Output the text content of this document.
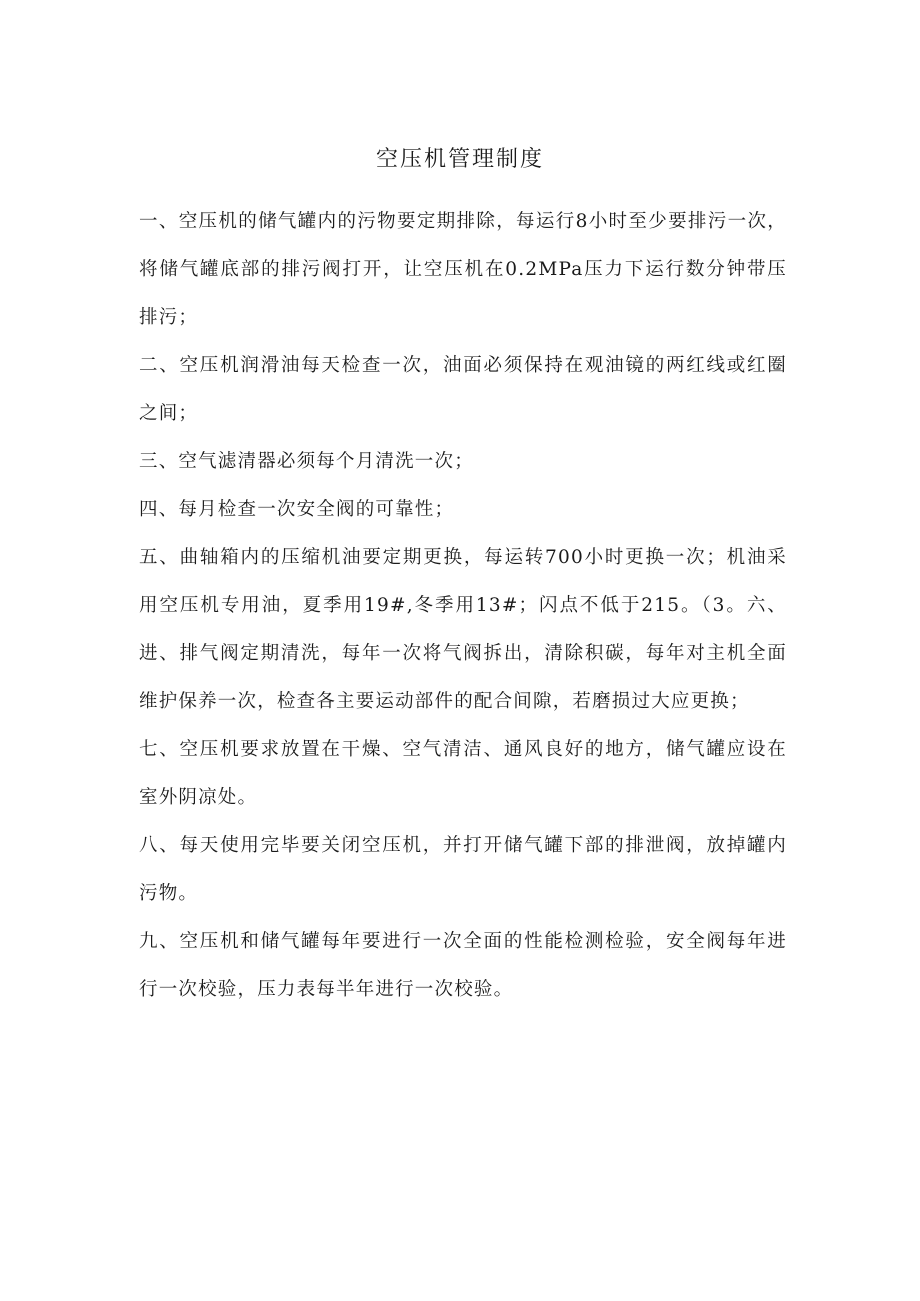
空压机管理制度

一、空压机的储气罐内的污物要定期排除，每运行8小时至少要排污一次，将储气罐底部的排污阀打开，让空压机在0.2MPa压力下运行数分钟带压排污；

二、空压机润滑油每天检查一次，油面必须保持在观油镜的两红线或红圈之间；

三、空气滤清器必须每个月清洗一次；

四、每月检查一次安全阀的可靠性；

五、曲轴箱内的压缩机油要定期更换，每运转700小时更换一次；机油采用空压机专用油，夏季用19#,冬季用13#；闪点不低于215。（3。六、进、排气阀定期清洗，每年一次将气阀拆出，清除积碳，每年对主机全面维护保养一次，检查各主要运动部件的配合间隙，若磨损过大应更换；

七、空压机要求放置在干燥、空气清洁、通风良好的地方，储气罐应设在室外阴凉处。

八、每天使用完毕要关闭空压机，并打开储气罐下部的排泄阀，放掉罐内污物。

九、空压机和储气罐每年要进行一次全面的性能检测检验，安全阀每年进行一次校验，压力表每半年进行一次校验。
